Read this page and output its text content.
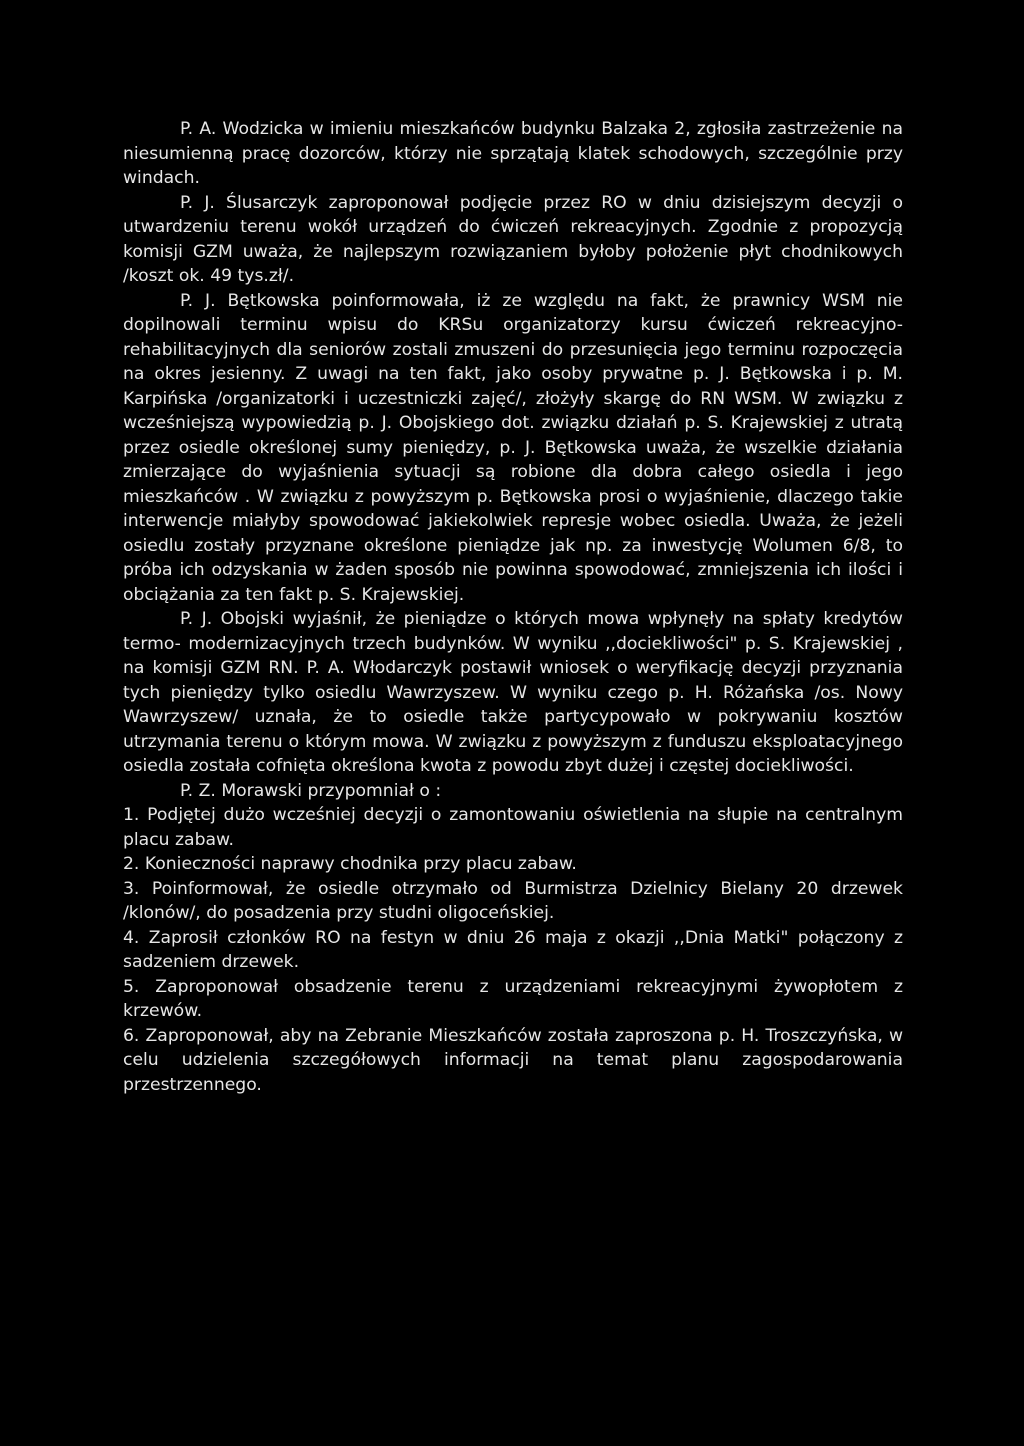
P. A. Wodzicka w imieniu mieszkańców budynku Balzaka 2, zgłosiła zastrzeżenie na niesumienną pracę dozorców, którzy nie sprzątają klatek schodowych, szczególnie przy windach.

P. J. Ślusarczyk zaproponował podjęcie przez RO w dniu dzisiejszym decyzji o utwardzeniu terenu wokół urządzeń do ćwiczeń rekreacyjnych. Zgodnie z propozycją komisji GZM uważa, że najlepszym rozwiązaniem byłoby położenie płyt chodnikowych /koszt ok. 49 tys.zł/.

P. J. Bętkowska poinformowała, iż ze względu na fakt, że prawnicy WSM nie dopilnowali terminu wpisu do KRSu organizatorzy kursu ćwiczeń rekreacyjno-rehabilitacyjnych dla seniorów zostali zmuszeni do przesunięcia jego terminu rozpoczęcia na okres jesienny. Z uwagi na ten fakt, jako osoby prywatne p. J. Bętkowska i p. M. Karpińska /organizatorki i uczestniczki zajęć/, złożyły skargę do RN WSM. W związku z wcześniejszą wypowiedzią p. J. Obojskiego dot. związku działań p. S. Krajewskiej z utratą przez osiedle określonej sumy pieniędzy, p. J. Bętkowska uważa, że wszelkie działania zmierzające do wyjaśnienia sytuacji są robione dla dobra całego osiedla i jego mieszkańców . W związku z powyższym p. Bętkowska prosi o wyjaśnienie, dlaczego takie interwencje miałyby spowodować jakiekolwiek represje wobec osiedla. Uważa, że jeżeli osiedlu zostały przyznane określone pieniądze jak np. za inwestycję Wolumen 6/8, to próba ich odzyskania w żaden sposób nie powinna spowodować, zmniejszenia ich ilości i obciążania za ten fakt p. S. Krajewskiej.

P. J. Obojski wyjaśnił, że pieniądze o których mowa wpłynęły na spłaty kredytów termo- modernizacyjnych trzech budynków. W wyniku ,,dociekliwości" p. S. Krajewskiej , na komisji GZM RN. P. A. Włodarczyk postawił wniosek o weryfikację decyzji przyznania tych pieniędzy tylko osiedlu Wawrzyszew. W wyniku czego p. H. Różańska /os. Nowy Wawrzyszew/ uznała, że to osiedle także partycypowało w pokrywaniu kosztów utrzymania terenu o którym mowa. W związku z powyższym z funduszu eksploatacyjnego osiedla została cofnięta określona kwota z powodu zbyt dużej i częstej dociekliwości.

P. Z. Morawski przypomniał o :

1. Podjętej dużo wcześniej decyzji o zamontowaniu oświetlenia na słupie na centralnym placu zabaw.

2. Konieczności naprawy chodnika przy placu zabaw.

3. Poinformował, że osiedle otrzymało od Burmistrza Dzielnicy Bielany 20 drzewek /klonów/, do posadzenia przy studni oligoceńskiej.

4. Zaprosił członków RO na festyn w dniu 26 maja z okazji ,,Dnia Matki" połączony z sadzeniem drzewek.

5. Zaproponował obsadzenie terenu z urządzeniami rekreacyjnymi żywopłotem z krzewów.

6. Zaproponował, aby na Zebranie Mieszkańców została zaproszona p. H. Troszczyńska, w celu udzielenia szczegółowych informacji na temat planu zagospodarowania przestrzennego.
